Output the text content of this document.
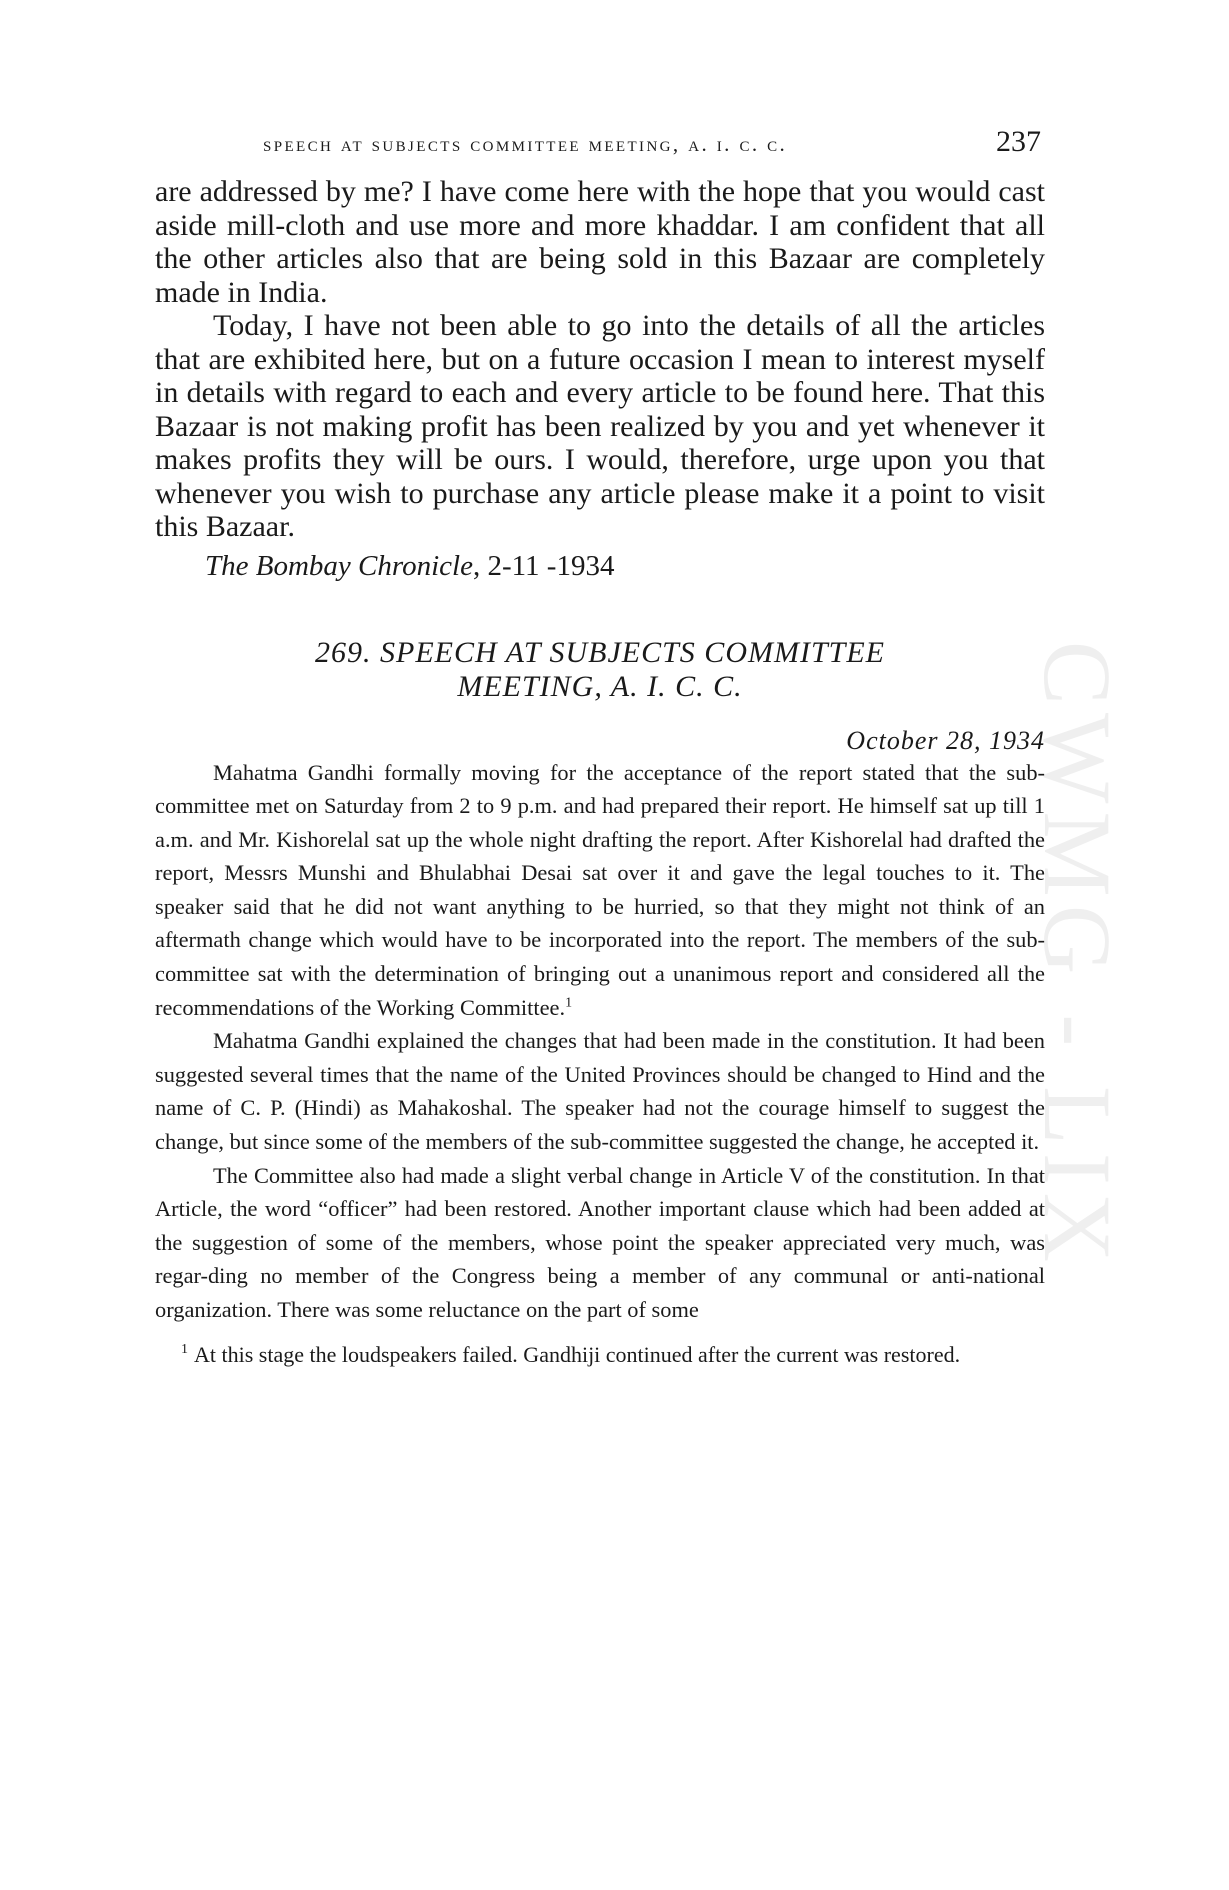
CWMG - LIX
speech at subjects committee meeting, a. i. c. c.	237

are addressed by me? I have come here with the hope that you would cast aside mill-cloth and use more and more khaddar. I am confident that all the other articles also that are being sold in this Bazaar are completely made in India.

Today, I have not been able to go into the details of all the articles that are exhibited here, but on a future occasion I mean to interest myself in details with regard to each and every article to be found here. That this Bazaar is not making profit has been realized by you and yet whenever it makes profits they will be ours. I would, therefore, urge upon you that whenever you wish to purchase any article please make it a point to visit this Bazaar.

The Bombay Chronicle, 2-11 -1934
269. SPEECH AT SUBJECTS COMMITTEE
MEETING, A. I. C. C.
October 28, 1934

Mahatma Gandhi formally moving for the acceptance of the report stated that the sub-committee met on Saturday from 2 to 9 p.m. and had prepared their report. He himself sat up till 1 a.m. and Mr. Kishorelal sat up the whole night drafting the report. After Kishorelal had drafted the report, Messrs Munshi and Bhulabhai Desai sat over it and gave the legal touches to it. The speaker said that he did not want anything to be hurried, so that they might not think of an aftermath change which would have to be incorporated into the report. The members of the sub-committee sat with the determination of bringing out a unanimous report and considered all the recommendations of the Working Committee.$^1$

Mahatma Gandhi explained the changes that had been made in the constitution. It had been suggested several times that the name of the United Provinces should be changed to Hind and the name of C. P. (Hindi) as Mahakoshal. The speaker had not the courage himself to suggest the change, but since some of the members of the sub-committee suggested the change, he accepted it.

The Committee also had made a slight verbal change in Article V of the constitution. In that Article, the word “officer” had been restored. Another important clause which had been added at the suggestion of some of the members, whose point the speaker appreciated very much, was regar-ding no member of the Congress being a member of any communal or anti-national organization. There was some reluctance on the part of some

$^1$ At this stage the loudspeakers failed. Gandhiji continued after the current was restored.
